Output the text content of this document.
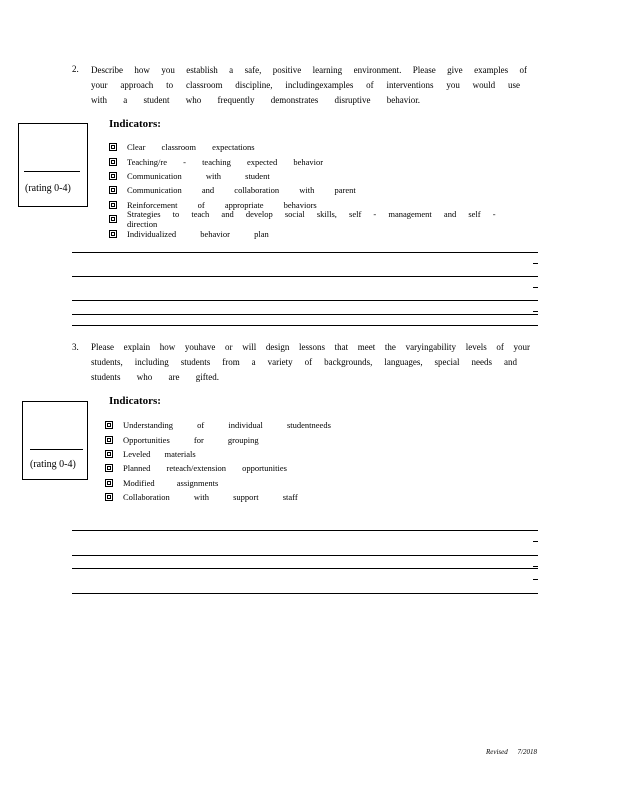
2. Describe how you establish a safe, positive learning environment. Please give examples of
your approach to classroom discipline, includingexamples of interventions you would use
with a student who frequently demonstrates disruptive behavior.
(rating 0-4)
Indicators:
Clear classroom expectations
Teaching/re - teaching expected behavior
Communication with student
Communication and collaboration with parent
Reinforcement of appropriate behaviors
Strategies to teach and develop social skills, self - management and self - direction
Individualized behavior plan
3. Please explain how youhave or will design lessons that meet the varyingability levels of your
students, including students from a variety of backgrounds, languages, special needs and
students who are gifted.
(rating 0-4)
Indicators:
Understanding of individual studentneeds
Opportunities for grouping
Leveled materials
Planned reteach/extension opportunities
Modified assignments
Collaboration with support staff
Revised 7/2018
